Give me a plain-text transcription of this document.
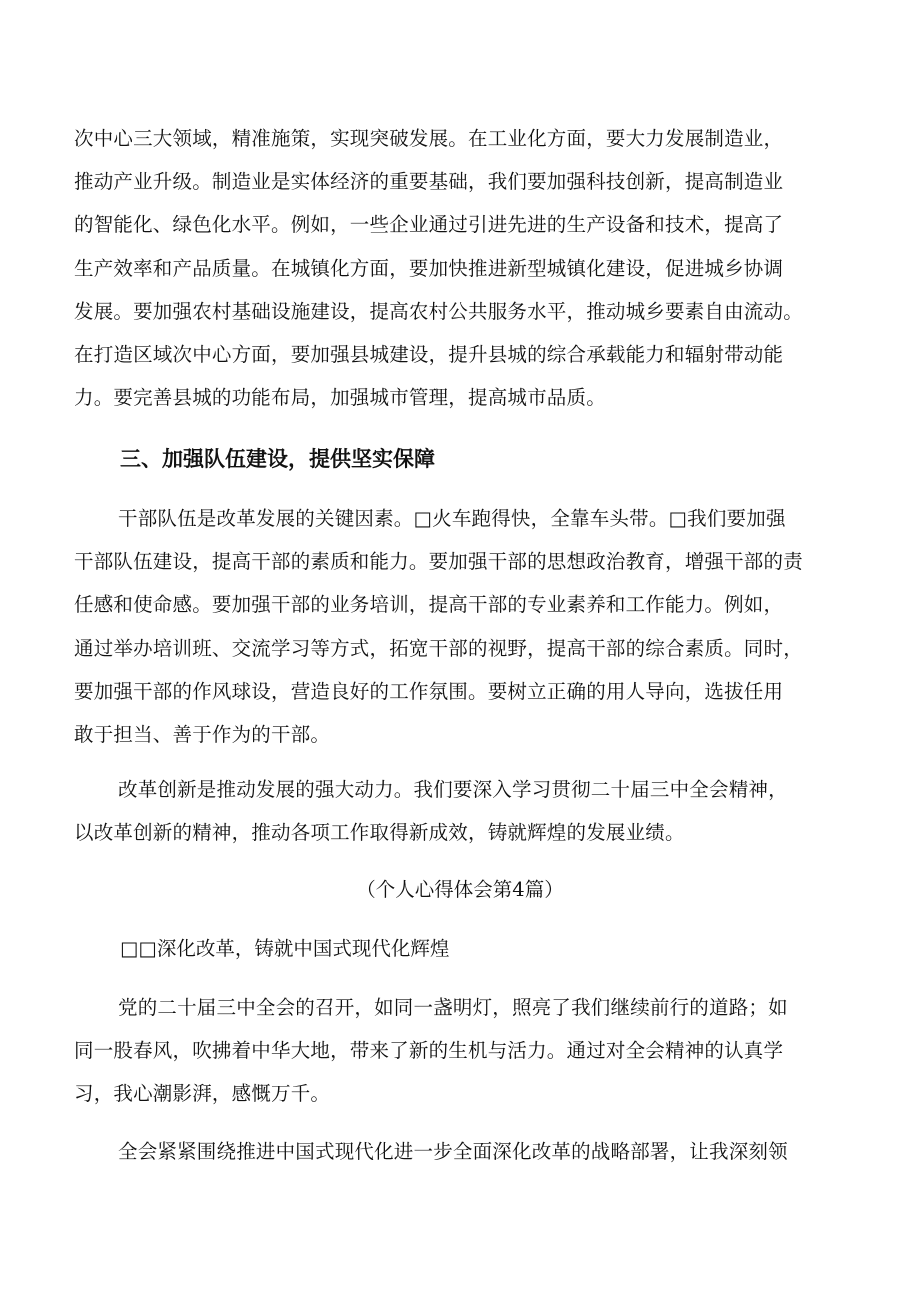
次中心三大领域，精准施策，实现突破发展。在工业化方面，要大力发展制造业，
推动产业升级。制造业是实体经济的重要基础，我们要加强科技创新，提高制造业
的智能化、绿色化水平。例如，一些企业通过引进先进的生产设备和技术，提高了
生产效率和产品质量。在城镇化方面，要加快推进新型城镇化建设，促进城乡协调
发展。要加强农村基础设施建设，提高农村公共服务水平，推动城乡要素自由流动。
在打造区域次中心方面，要加强县城建设，提升县城的综合承载能力和辐射带动能
力。要完善县城的功能布局，加强城市管理，提高城市品质。
三、加强队伍建设，提供坚实保障
干部队伍是改革发展的关键因素。□火车跑得快，全靠车头带。□我们要加强
干部队伍建设，提高干部的素质和能力。要加强干部的思想政治教育，增强干部的责
任感和使命感。要加强干部的业务培训，提高干部的专业素养和工作能力。例如，
通过举办培训班、交流学习等方式，拓宽干部的视野，提高干部的综合素质。同时，
要加强干部的作风球设，营造良好的工作氛围。要树立正确的用人导向，选拔任用
敢于担当、善于作为的干部。
改革创新是推动发展的强大动力。我们要深入学习贯彻二十届三中全会精神，
以改革创新的精神，推动各项工作取得新成效，铸就辉煌的发展业绩。

（个人心得体会第4篇）

□□深化改革，铸就中国式现代化辉煌

党的二十届三中全会的召开，如同一盏明灯，照亮了我们继续前行的道路；如
同一股春风，吹拂着中华大地，带来了新的生机与活力。通过对全会精神的认真学
习，我心潮影湃，感慨万千。
全会紧紧围绕推进中国式现代化进一步全面深化改革的战略部署，让我深刻领
